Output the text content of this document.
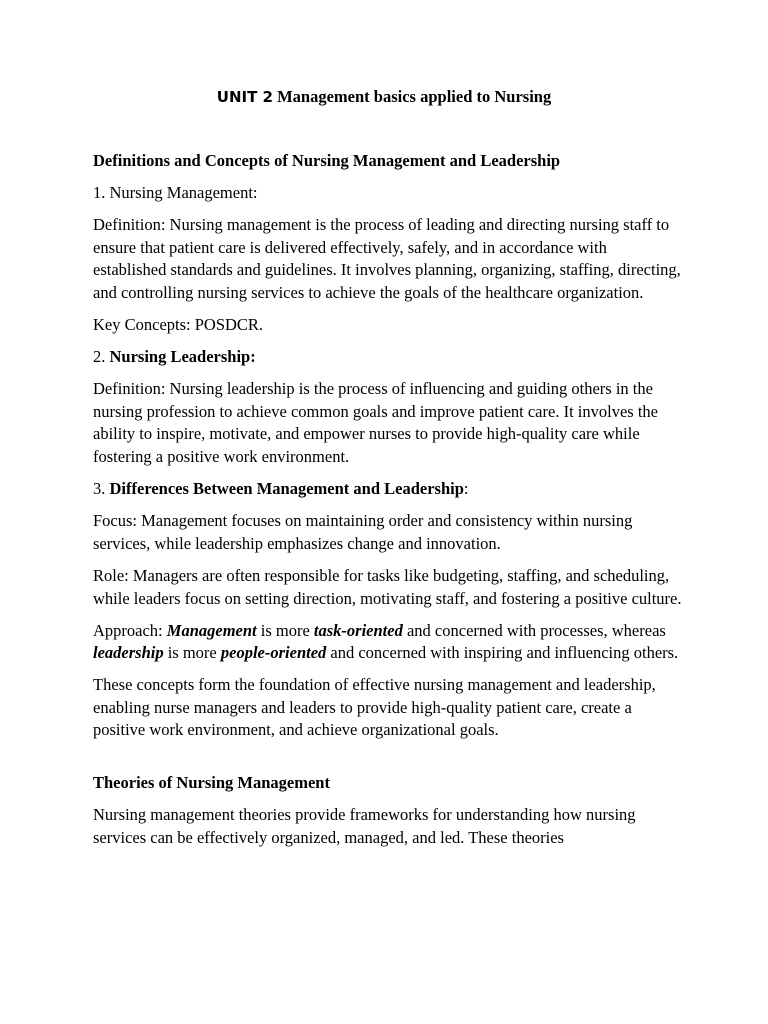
UNIT 2 Management basics applied to Nursing

Definitions and Concepts of Nursing Management and Leadership

1. Nursing Management:

Definition: Nursing management is the process of leading and directing nursing staff to ensure that patient care is delivered effectively, safely, and in accordance with established standards and guidelines. It involves planning, organizing, staffing, directing, and controlling nursing services to achieve the goals of the healthcare organization.

Key Concepts: POSDCR.

2. Nursing Leadership:

Definition: Nursing leadership is the process of influencing and guiding others in the nursing profession to achieve common goals and improve patient care. It involves the ability to inspire, motivate, and empower nurses to provide high-quality care while fostering a positive work environment.

3. Differences Between Management and Leadership:

Focus: Management focuses on maintaining order and consistency within nursing services, while leadership emphasizes change and innovation.

Role: Managers are often responsible for tasks like budgeting, staffing, and scheduling, while leaders focus on setting direction, motivating staff, and fostering a positive culture.

Approach: Management is more task-oriented and concerned with processes, whereas leadership is more people-oriented and concerned with inspiring and influencing others.

These concepts form the foundation of effective nursing management and leadership, enabling nurse managers and leaders to provide high-quality patient care, create a positive work environment, and achieve organizational goals.

Theories of Nursing Management

Nursing management theories provide frameworks for understanding how nursing services can be effectively organized, managed, and led. These theories
